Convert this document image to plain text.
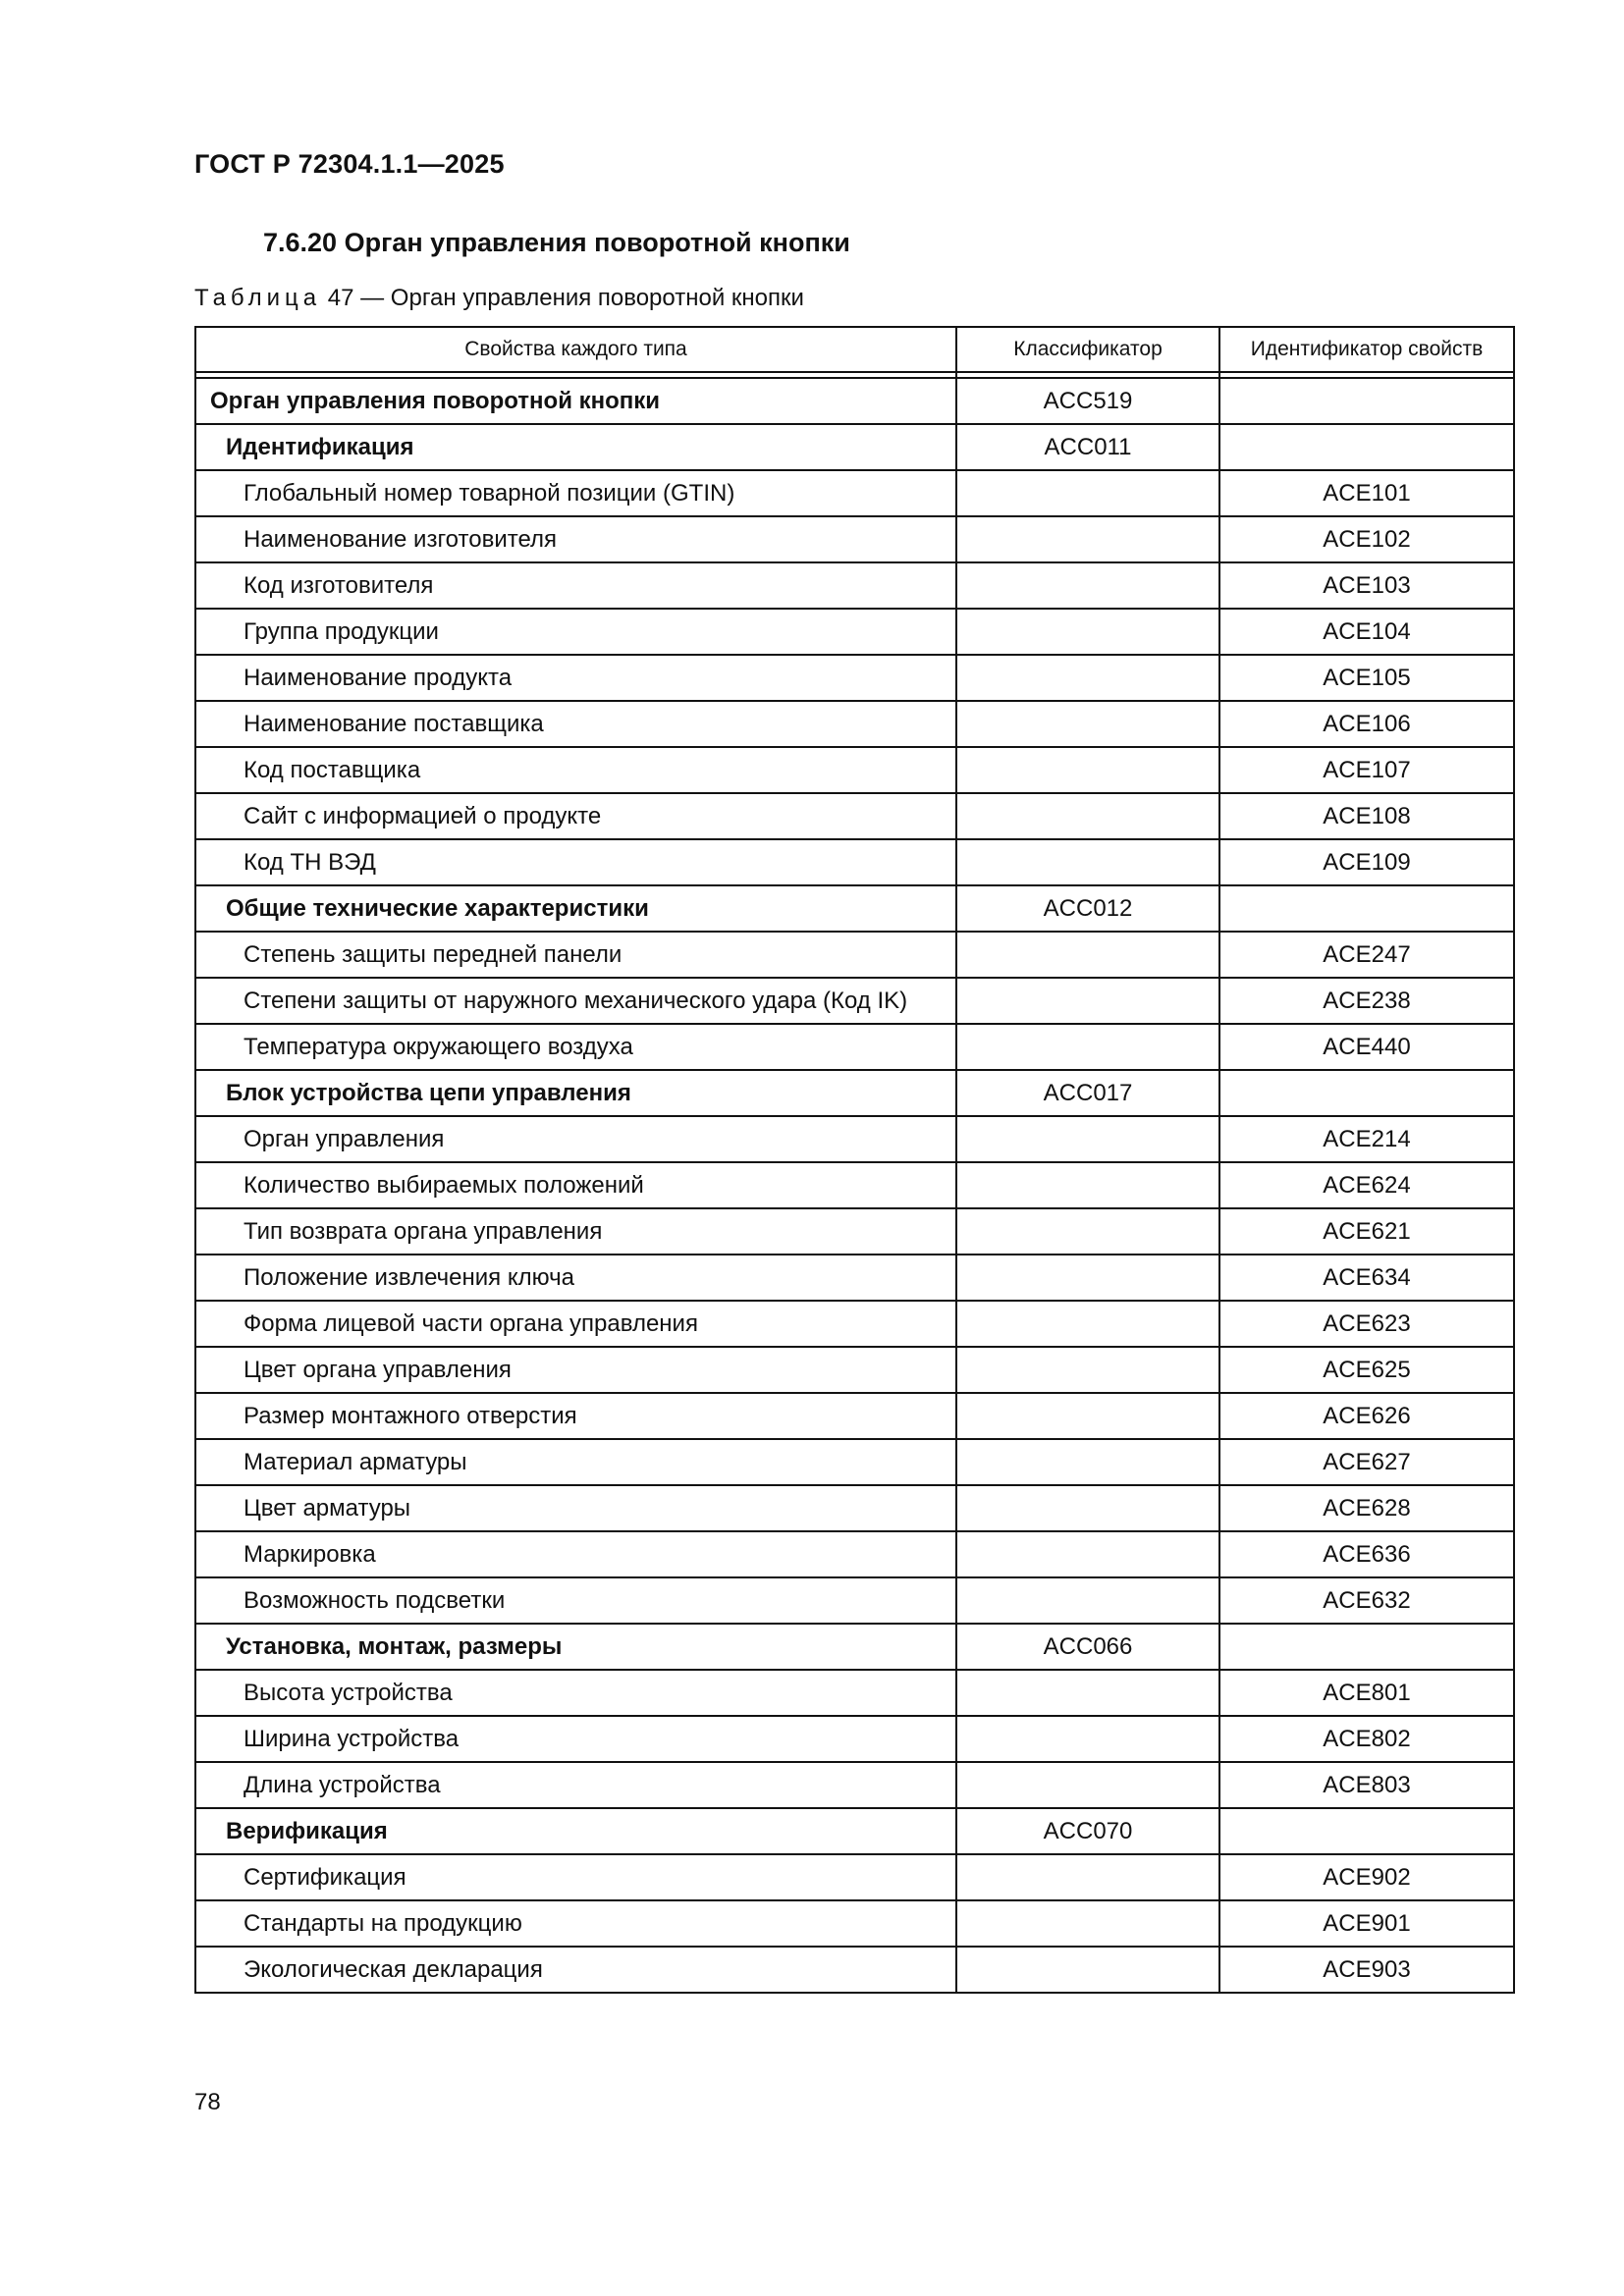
ГОСТ Р 72304.1.1—2025
7.6.20 Орган управления поворотной кнопки
Таблица 47 — Орган управления поворотной кнопки
Свойства каждого типа	Классификатор	Идентификатор свойств

Орган управления поворотной кнопки	ACC519	
Идентификация	ACC011	
Глобальный номер товарной позиции (GTIN)		ACE101
Наименование изготовителя		ACE102
Код изготовителя		ACE103
Группа продукции		ACE104
Наименование продукта		ACE105
Наименование поставщика		ACE106
Код поставщика		ACE107
Сайт с информацией о продукте		ACE108
Код ТН ВЭД		ACE109
Общие технические характеристики	ACC012	
Степень защиты передней панели		ACE247
Степени защиты от наружного механического удара (Код IK)		ACE238
Температура окружающего воздуха		ACE440
Блок устройства цепи управления	ACC017	
Орган управления		ACE214
Количество выбираемых положений		ACE624
Тип возврата органа управления		ACE621
Положение извлечения ключа		ACE634
Форма лицевой части органа управления		ACE623
Цвет органа управления		ACE625
Размер монтажного отверстия		ACE626
Материал арматуры		ACE627
Цвет арматуры		ACE628
Маркировка		ACE636
Возможность подсветки		ACE632
Установка, монтаж, размеры	ACC066	
Высота устройства		ACE801
Ширина устройства		ACE802
Длина устройства		ACE803
Верификация	ACC070	
Сертификация		ACE902
Стандарты на продукцию		ACE901
Экологическая декларация		ACE903
78
